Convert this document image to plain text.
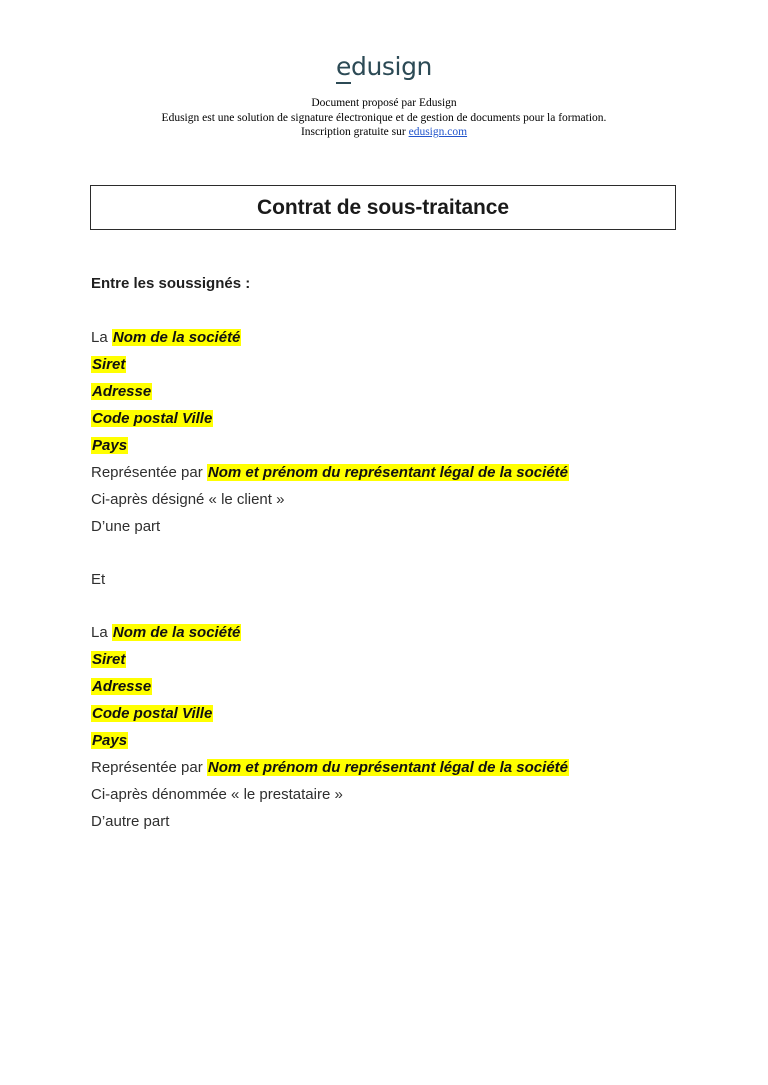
edusign
Document proposé par Edusign
Edusign est une solution de signature électronique et de gestion de documents pour la formation.
Inscription gratuite sur edusign.com
Contrat de sous-traitance
Entre les soussignés :
La Nom de la société
Siret
Adresse
Code postal Ville
Pays
Représentée par Nom et prénom du représentant légal de la société
Ci-après désigné « le client »
D’une part
Et
La Nom de la société
Siret
Adresse
Code postal Ville
Pays
Représentée par Nom et prénom du représentant légal de la société
Ci-après dénommée « le prestataire »
D’autre part
